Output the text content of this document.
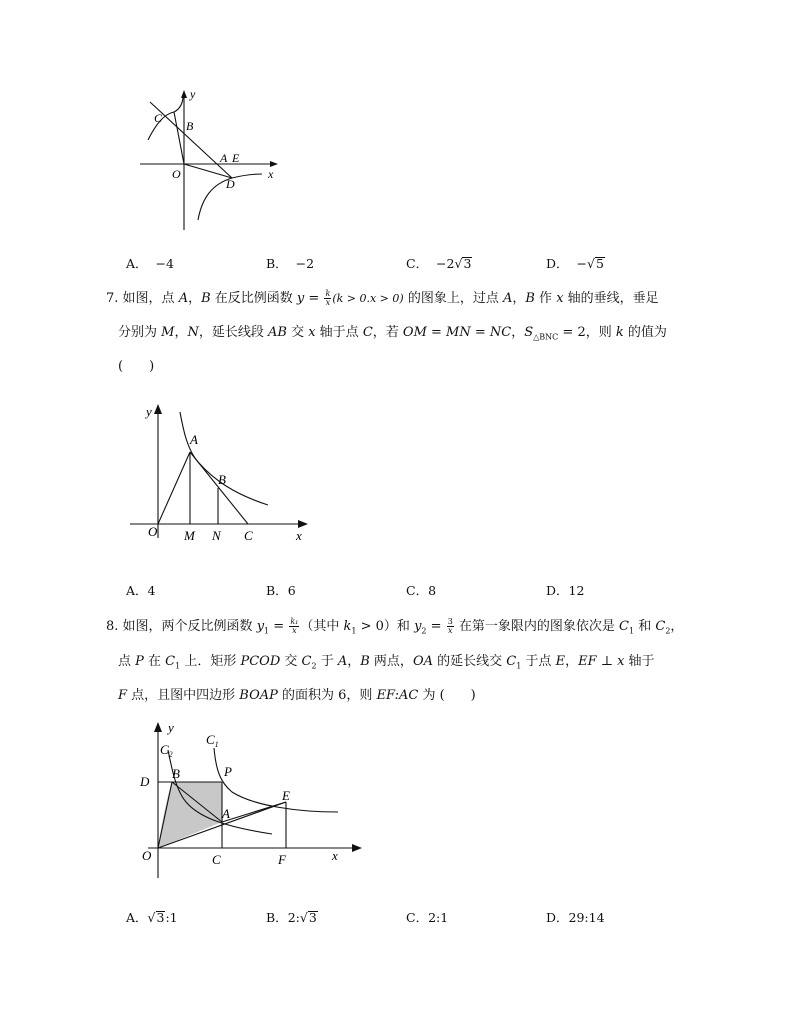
y
x
O
B
C
A E
D
A． −4	B． −2	C． −2√3	D． −√5
7. 如图，点 A，B 在反比例函数 $y = \frac{k}{x} (k > 0.x > 0)$ 的图象上，过点 A，B 作 x 轴的垂线，垂足
分别为 M，N，延长线段 AB 交 x 轴于点 C，若 OM = MN = NC，$S_{\triangle BNC} = 2$，则 k 的值为
(　　)
y
x
O
A
B
M N C
A．4	B．6	C．8	D．12
8. 如图，两个反比例函数 $y_1 = \frac{\text{k₁}}{x}$ （其中 $k_1 > 0$）和 $y_2 = \frac{3}{x}$ 在第一象限内的图象依次是 $C_1$ 和 $C_2$，
点 P 在 $C_1$ 上．矩形 PCOD 交 $C_2$ 于 A，B 两点，OA 的延长线交 $C_1$ 于点 E，EF ⊥ x 轴于
F 点，且图中四边形 BOAP 的面积为 6，则 EF:AC 为 (　　)
y
x
O
$C_1$
$C_2$
D
B	P
E
A
C	F
A．√3:1	B．2:√3	C．2:1	D．29:14
